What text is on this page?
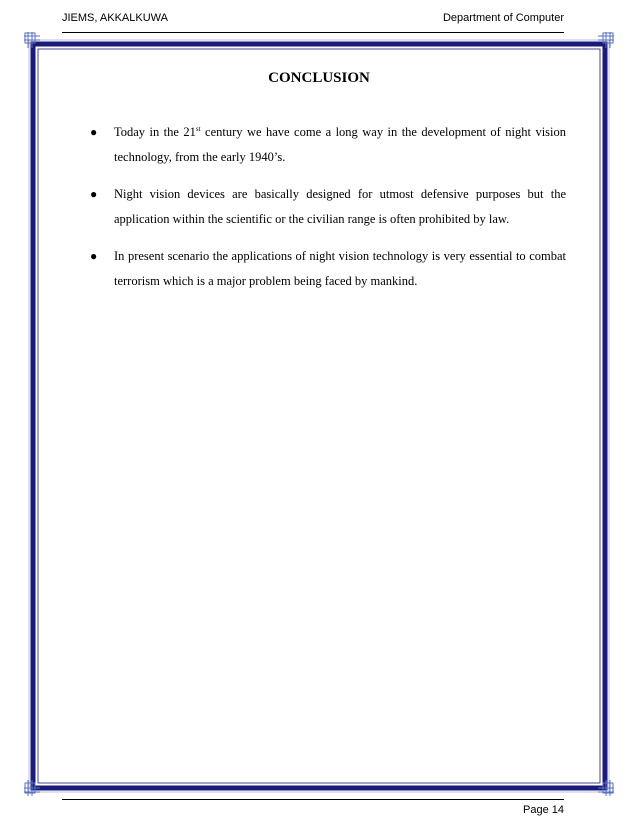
JIEMS, AKKALKUWA	Department of Computer
CONCLUSION
● Today in the 21st century we have come a long way in the development of night vision technology, from the early 1940’s.
● Night vision devices are basically designed for utmost defensive purposes but the application within the scientific or the civilian range is often prohibited by law.
● In present scenario the applications of night vision technology is very essential to combat terrorism which is a major problem being faced by mankind.
Page 14
